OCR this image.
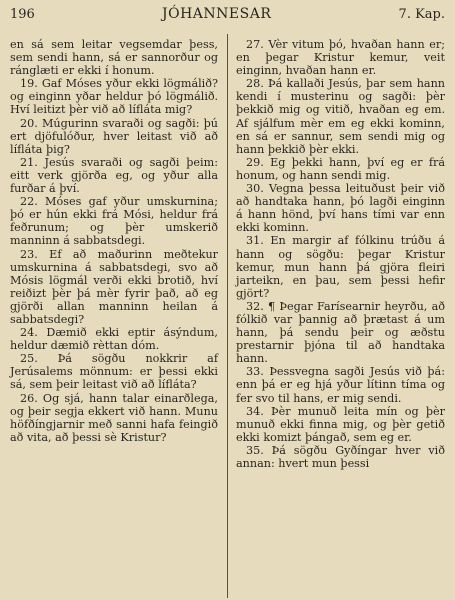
196	JÓHANNESAR	7. Kap.

en sá sem leitar vegsemdar þess, sem sendi hann, sá er sannorður og ránglæti er ekki í honum.

19. Gaf Móses yður ekki lögmálið? og einginn yðar heldur þó lögmálið. Hví leitizt þèr við að lífláta mig?

20. Múgurinn svaraði og sagði: þú ert djöfulóður, hver leitast við að lífláta þig?

21. Jesús svaraði og sagði þeim: eitt verk gjörða eg, og yður alla furðar á því.

22. Móses gaf yður umskurnina; þó er hún ekki frá Mósi, heldur frá feðrunum; og þèr umskerið manninn á sabbatsdegi.

23. Ef að maðurinn meðtekur umskurnina á sabbatsdegi, svo að Mósis lögmál verði ekki brotið, hví reiðizt þèr þá mèr fyrir það, að eg gjörði allan manninn heilan á sabbatsdegi?

24. Dæmið ekki eptir ásýndum, heldur dæmið rèttan dóm.

25. Þá sögðu nokkrir af Jerúsalems mönnum: er þessi ekki sá, sem þeir leitast við að lífláta?

26. Og sjá, hann talar einarðlega, og þeir segja ekkert við hann. Munu höfðíngjarnir með sanni hafa feingið að vita, að þessi sè Kristur?

27. Vèr vitum þó, hvaðan hann er; en þegar Kristur kemur, veit einginn, hvaðan hann er.

28. Þá kallaði Jesús, þar sem hann kendi í musterinu og sagði: þèr þekkið mig og vitið, hvaðan eg em. Af sjálfum mèr em eg ekki kominn, en sá er sannur, sem sendi mig og hann þekkið þèr ekki.

29. Eg þekki hann, því eg er frá honum, og hann sendi mig.

30. Vegna þessa leituðust þeir við að handtaka hann, þó lagði einginn á hann hönd, því hans tími var enn ekki kominn.

31. En margir af fólkinu trúðu á hann og sögðu: þegar Kristur kemur, mun hann þá gjöra fleiri jarteikn, en þau, sem þessi hefir gjört?

32. ¶ Þegar Farísearnir heyrðu, að fólkið var þannig að þrætast á um hann, þá sendu þeir og æðstu prestarnir þjóna til að handtaka hann.

33. Þessvegna sagði Jesús við þá: enn þá er eg hjá yður lítinn tíma og fer svo til hans, er mig sendi.

34. Þèr munuð leita mín og þèr munuð ekki finna mig, og þèr getið ekki komizt þángað, sem eg er.

35. Þá sögðu Gyðíngar hver við annan: hvert mun þessi
